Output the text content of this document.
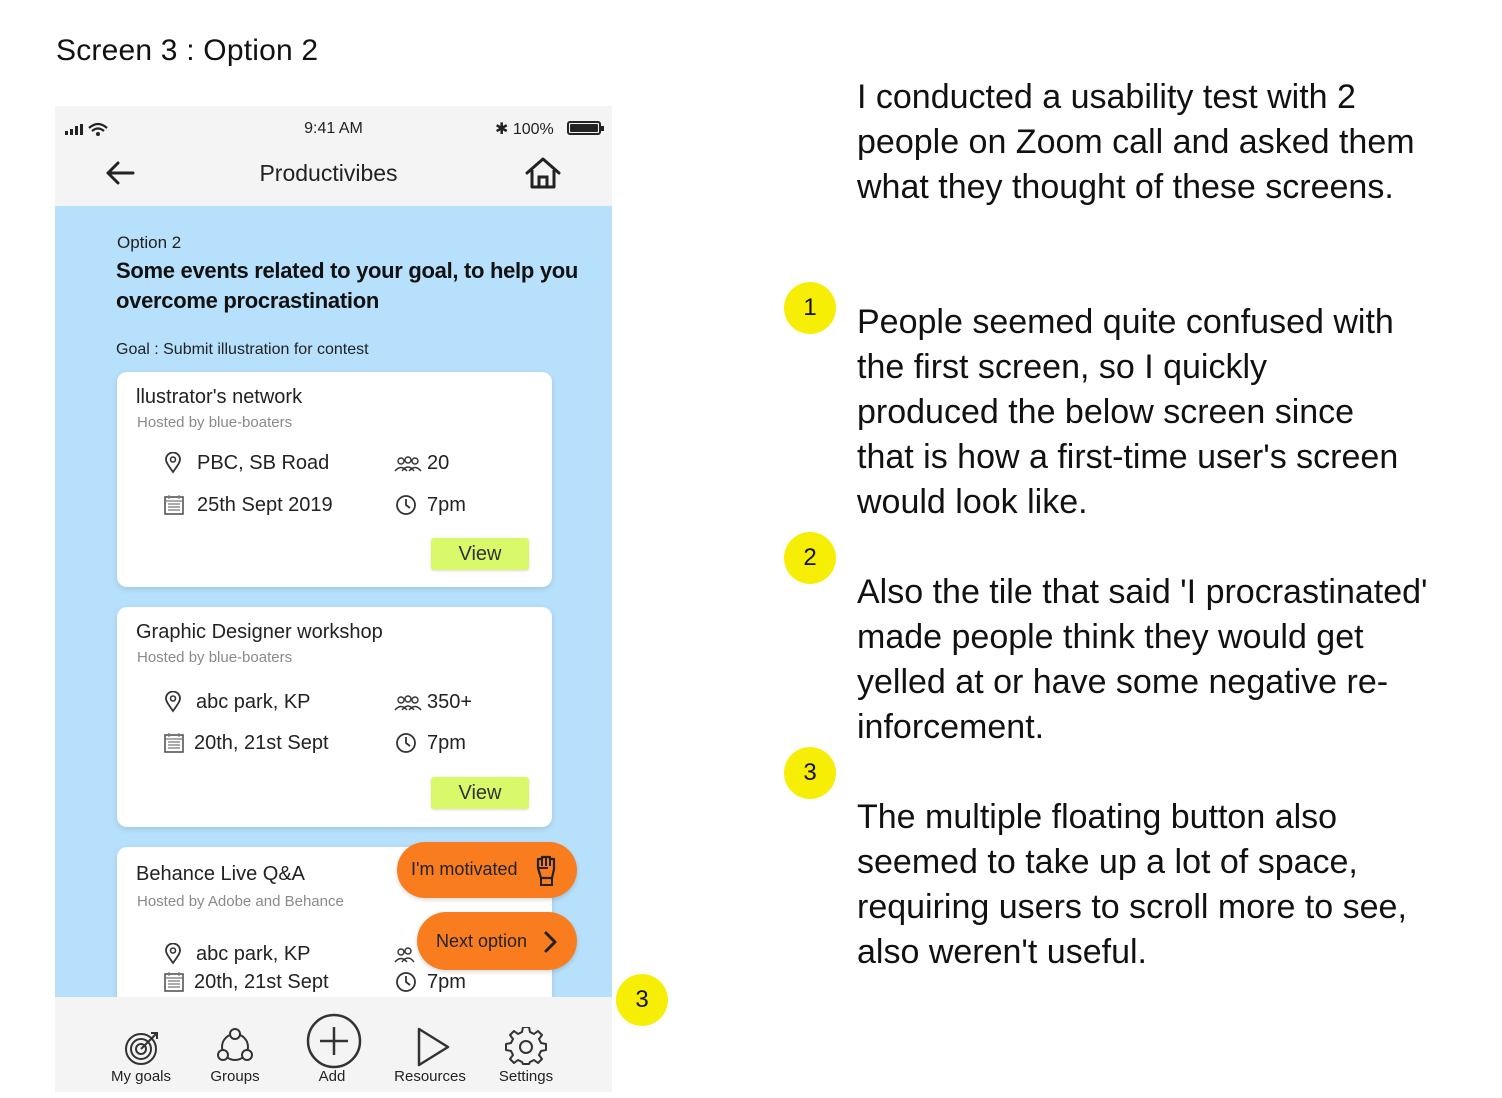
Screen 3 : Option 2
9:41 AM	✱ 100%
Productivibes
Option 2
Some events related to your goal, to help you overcome procrastination
Goal : Submit illustration for contest
llustrator's network
Hosted by blue-boaters
PBC, SB Road	20
25th Sept 2019	7pm
View
Graphic Designer workshop
Hosted by blue-boaters
abc park, KP	350+
20th, 21st Sept	7pm
View
Behance Live Q&A
Hosted by Adobe and Behance
abc park, KP
20th, 21st Sept	7pm
I'm motivated
Next option
My goals	Groups	Add	Resources	Settings
1
2
3
3
I conducted a usability test with 2 people on Zoom call and asked them what they thought of these screens.
People seemed quite confused with the first screen, so I quickly produced the below screen since that is how a first-time user's screen would look like.
Also the tile that said 'I procrastinated' made people think they would get yelled at or have some negative re-inforcement.
The multiple floating button also seemed to take up a lot of space, requiring users to scroll more to see, also weren't useful.
